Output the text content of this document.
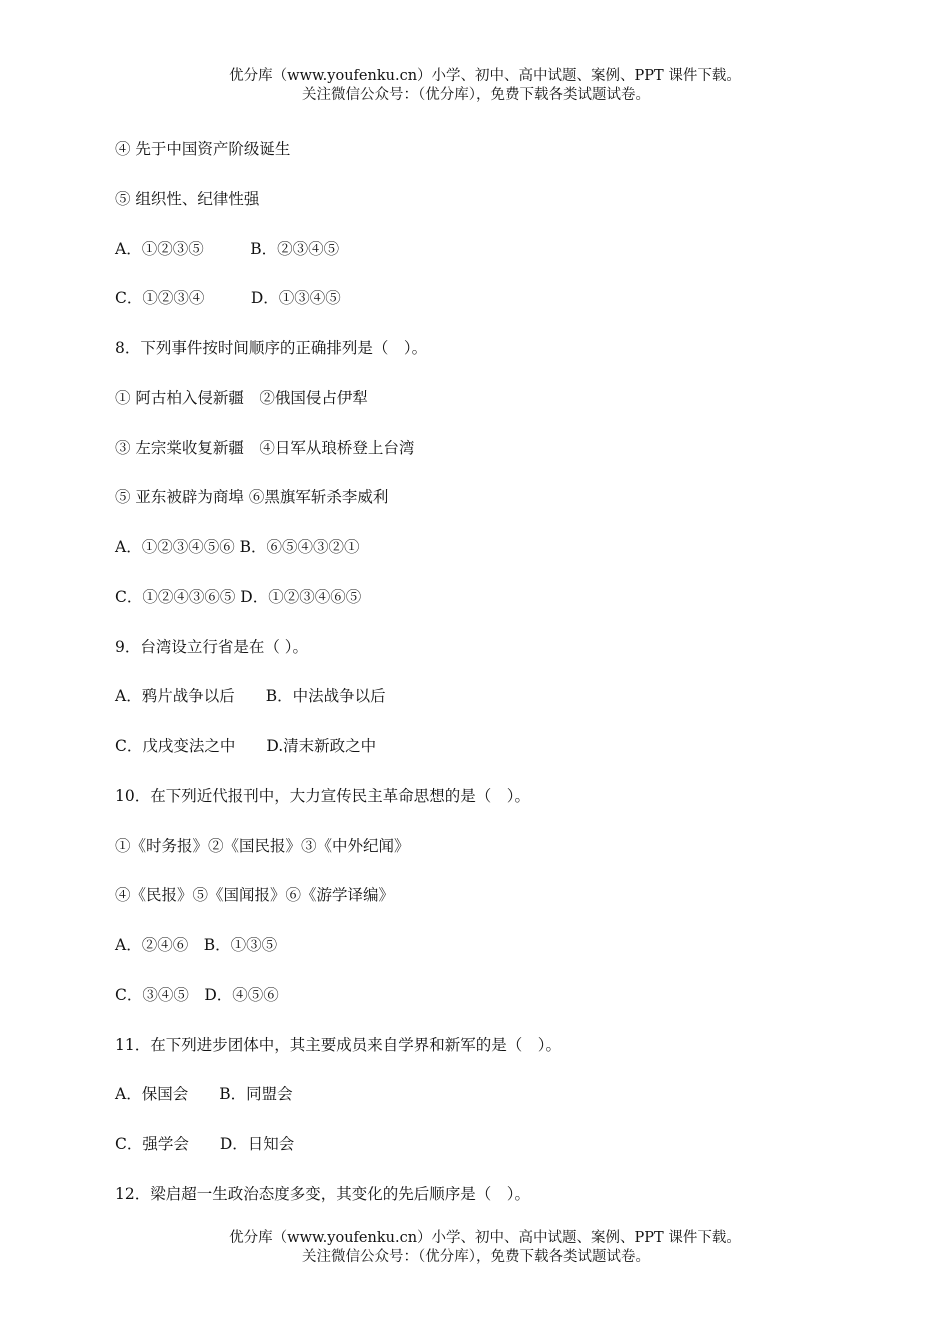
优分库（www.youfenku.cn）小学、初中、高中试题、案例、PPT 课件下载。
关注微信公众号：（优分库），免费下载各类试题试卷。
④ 先于中国资产阶级诞生
⑤ 组织性、纪律性强
A．①②③⑤　　　B．②③④⑤
C．①②③④　　　D．①③④⑤
8．下列事件按时间顺序的正确排列是（　）。
① 阿古柏入侵新疆　②俄国侵占伊犁
③ 左宗棠收复新疆　④日军从琅桥登上台湾
⑤ 亚东被辟为商埠 ⑥黑旗军斩杀李威利
A．①②③④⑤⑥ B．⑥⑤④③②①
C．①②④③⑥⑤ D．①②③④⑥⑤
9．台湾设立行省是在（ ）。
A．鸦片战争以后　　B．中法战争以后
C．戊戌变法之中　　D.清末新政之中
10．在下列近代报刊中，大力宣传民主革命思想的是（　）。
①《时务报》②《国民报》③《中外纪闻》
④《民报》⑤《国闻报》⑥《游学译编》
A．②④⑥　B．①③⑤
C．③④⑤　D．④⑤⑥
11．在下列进步团体中，其主要成员来自学界和新军的是（　）。
A．保国会　　B．同盟会
C．强学会　　D．日知会
12．梁启超一生政治态度多变，其变化的先后顺序是（　）。
优分库（www.youfenku.cn）小学、初中、高中试题、案例、PPT 课件下载。
关注微信公众号：（优分库），免费下载各类试题试卷。
